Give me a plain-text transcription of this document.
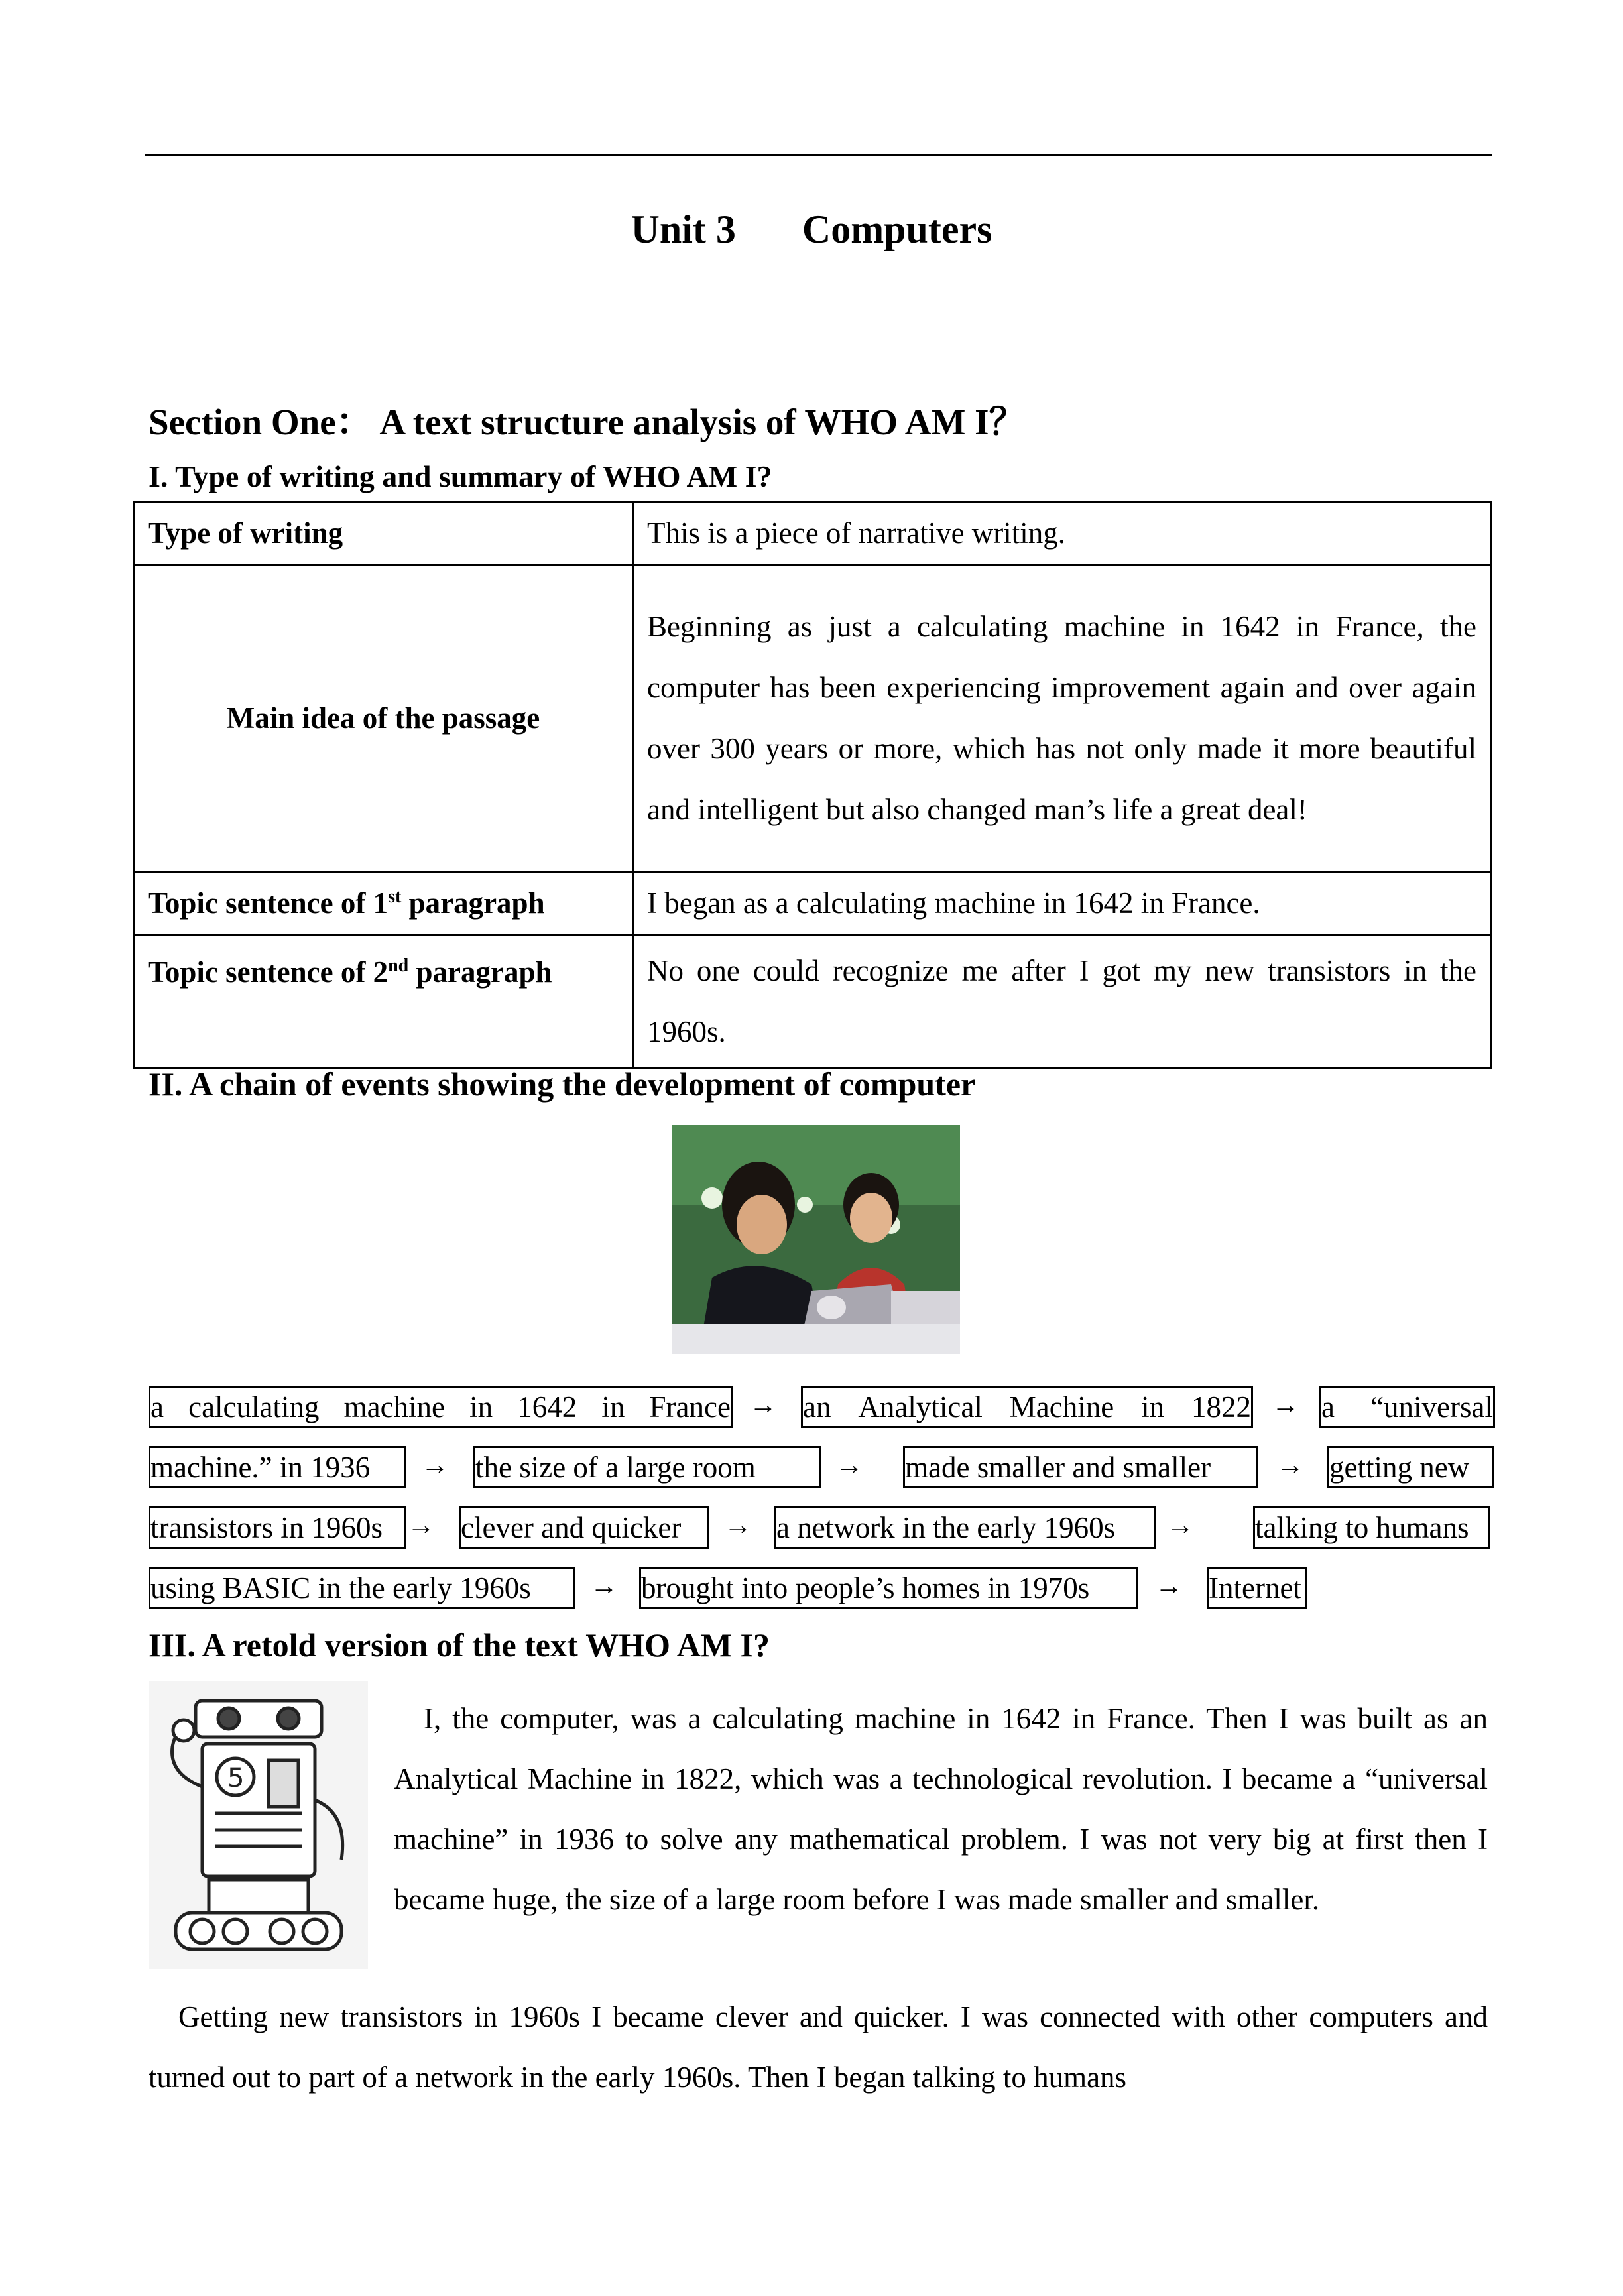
Unit 3 Computers
Section One： A text structure analysis of WHO AM I？
I. Type of writing and summary of WHO AM I?
Type of writing	This is a piece of narrative writing.
Main idea of the passage	Beginning as just a calculating machine in 1642 in France, the computer has been experiencing improvement again and over again over 300 years or more, which has not only made it more beautiful and intelligent but also changed man’s life a great deal!
Topic sentence of 1st paragraph	I began as a calculating machine in 1642 in France.
Topic sentence of 2nd paragraph	No one could recognize me after I got my new transistors in the 1960s.
II. A chain of events showing the development of computer
a calculating machine in 1642 in France → an Analytical Machine in 1822 → a “universal
machine.” in 1936	→ the size of a large room	→ made smaller and smaller	→ getting new
transistors in 1960s → clever and quicker	→ a network in the early 1960s	→ talking to humans
using BASIC in the early 1960s	→ brought into people’s homes in 1970s	→ Internet
III. A retold version of the text WHO AM I?
5
I, the computer, was a calculating machine in 1642 in France. Then I was built as an Analytical Machine in 1822, which was a technological revolution. I became a “universal machine” in 1936 to solve any mathematical problem. I was not very big at first then I became huge, the size of a large room before I was made smaller and smaller.
Getting new transistors in 1960s I became clever and quicker. I was connected with other computers and turned out to part of a network in the early 1960s. Then I began talking to humans
